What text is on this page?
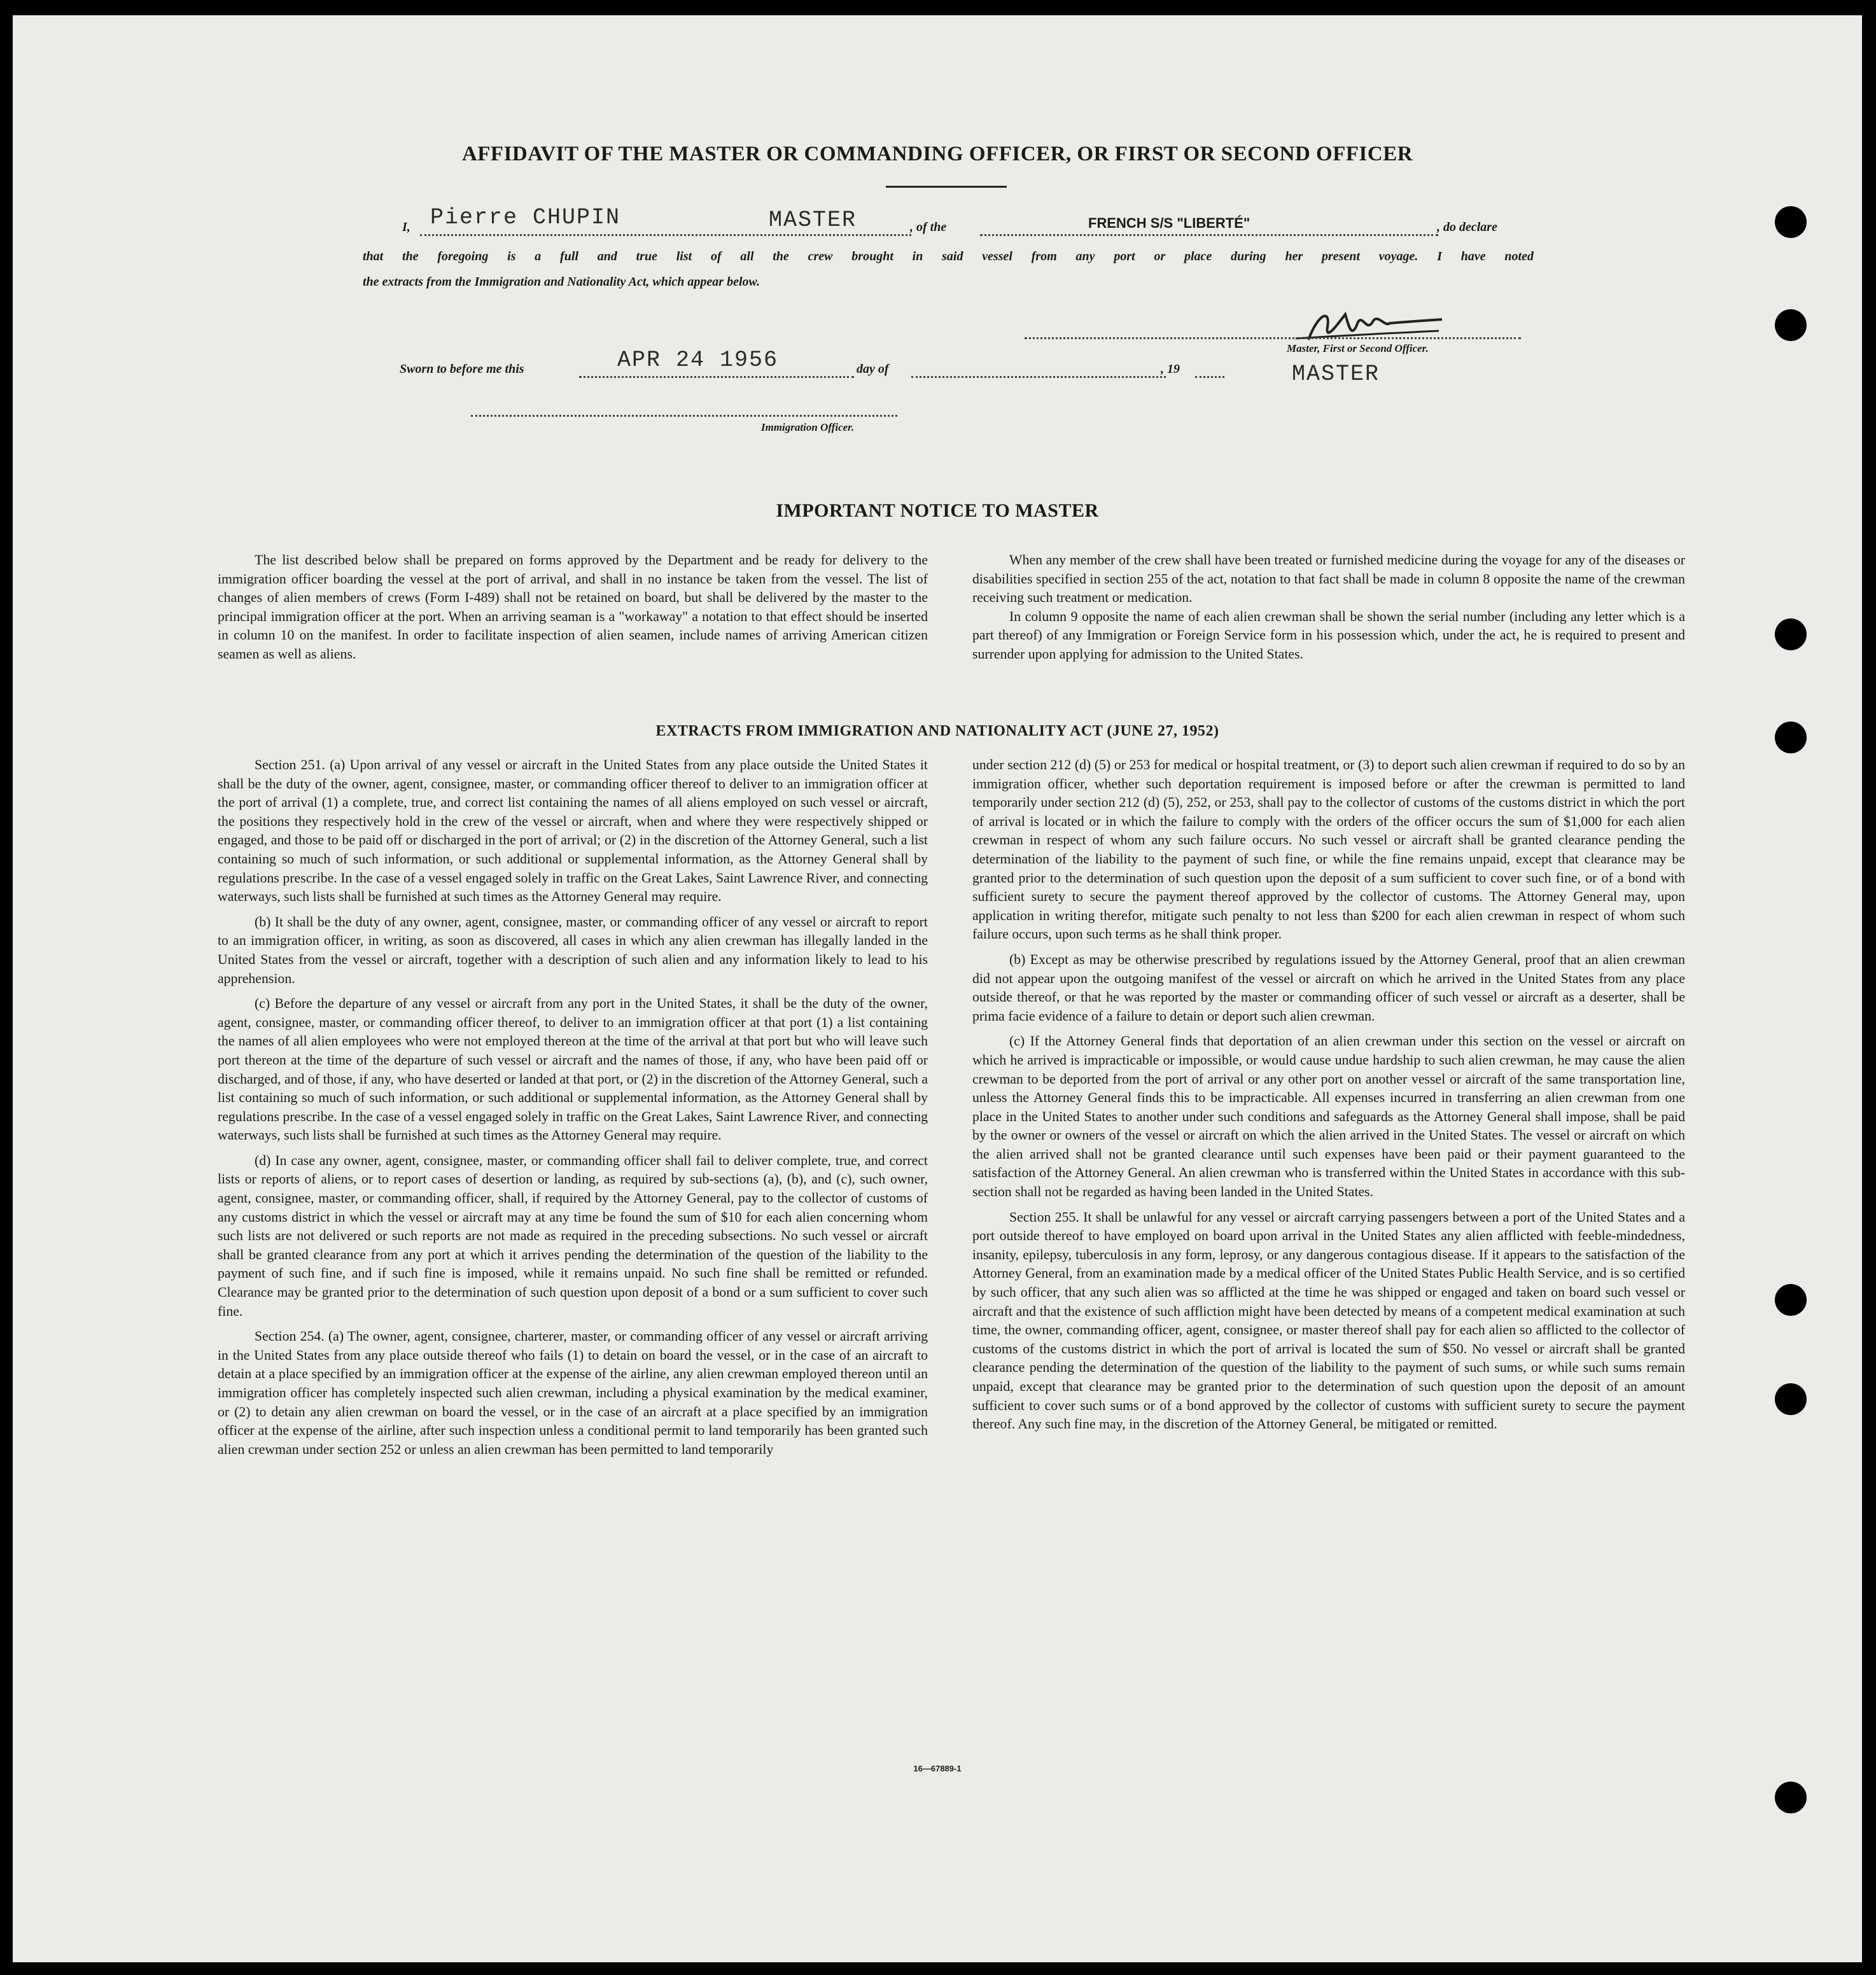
AFFIDAVIT OF THE MASTER OR COMMANDING OFFICER, OR FIRST OR SECOND OFFICER
I, Pierre CHUPIN	MASTER	, of the	FRENCH S/S "LIBERTÉ"	, do declare
that the foregoing is a full and true list of all the crew brought in said vessel from any port or place during her present voyage. I have noted
the extracts from the Immigration and Nationality Act, which appear below.
Master, First or Second Officer.
Sworn to before me this	APR 24 1956	day of	, 19	MASTER
Immigration Officer.
IMPORTANT NOTICE TO MASTER

The list described below shall be prepared on forms approved by the Department and be ready for delivery to the immigration officer boarding the vessel at the port of arrival, and shall in no instance be taken from the vessel. The list of changes of alien members of crews (Form I-489) shall not be retained on board, but shall be delivered by the master to the principal immigration officer at the port. When an arriving seaman is a "workaway" a notation to that effect should be inserted in column 10 on the manifest. In order to facilitate inspection of alien seamen, include names of arriving American citizen seamen as well as aliens.

When any member of the crew shall have been treated or furnished medicine during the voyage for any of the diseases or disabilities specified in section 255 of the act, notation to that fact shall be made in column 8 opposite the name of the crewman receiving such treatment or medication.

In column 9 opposite the name of each alien crewman shall be shown the serial number (including any letter which is a part thereof) of any Immigration or Foreign Service form in his possession which, under the act, he is required to present and surrender upon applying for admission to the United States.

EXTRACTS FROM IMMIGRATION AND NATIONALITY ACT (JUNE 27, 1952)

Section 251. (a) Upon arrival of any vessel or aircraft in the United States from any place outside the United States it shall be the duty of the owner, agent, consignee, master, or commanding officer thereof to deliver to an immigration officer at the port of arrival (1) a complete, true, and correct list containing the names of all aliens employed on such vessel or aircraft, the positions they respectively hold in the crew of the vessel or aircraft, when and where they were respectively shipped or engaged, and those to be paid off or discharged in the port of arrival; or (2) in the discretion of the Attorney General, such a list containing so much of such information, or such additional or supplemental information, as the Attorney General shall by regulations prescribe. In the case of a vessel engaged solely in traffic on the Great Lakes, Saint Lawrence River, and connecting waterways, such lists shall be furnished at such times as the Attorney General may require.

(b) It shall be the duty of any owner, agent, consignee, master, or commanding officer of any vessel or aircraft to report to an immigration officer, in writing, as soon as discovered, all cases in which any alien crewman has illegally landed in the United States from the vessel or aircraft, together with a description of such alien and any information likely to lead to his apprehension.

(c) Before the departure of any vessel or aircraft from any port in the United States, it shall be the duty of the owner, agent, consignee, master, or commanding officer thereof, to deliver to an immigration officer at that port (1) a list containing the names of all alien employees who were not employed thereon at the time of the arrival at that port but who will leave such port thereon at the time of the departure of such vessel or aircraft and the names of those, if any, who have been paid off or discharged, and of those, if any, who have deserted or landed at that port, or (2) in the discretion of the Attorney General, such a list containing so much of such information, or such additional or supplemental information, as the Attorney General shall by regulations prescribe. In the case of a vessel engaged solely in traffic on the Great Lakes, Saint Lawrence River, and connecting waterways, such lists shall be furnished at such times as the Attorney General may require.

(d) In case any owner, agent, consignee, master, or commanding officer shall fail to deliver complete, true, and correct lists or reports of aliens, or to report cases of desertion or landing, as required by sub-sections (a), (b), and (c), such owner, agent, consignee, master, or commanding officer, shall, if required by the Attorney General, pay to the collector of customs of any customs district in which the vessel or aircraft may at any time be found the sum of $10 for each alien concerning whom such lists are not delivered or such reports are not made as required in the preceding subsections. No such vessel or aircraft shall be granted clearance from any port at which it arrives pending the determination of the question of the liability to the payment of such fine, and if such fine is imposed, while it remains unpaid. No such fine shall be remitted or refunded. Clearance may be granted prior to the determination of such question upon deposit of a bond or a sum sufficient to cover such fine.

Section 254. (a) The owner, agent, consignee, charterer, master, or commanding officer of any vessel or aircraft arriving in the United States from any place outside thereof who fails (1) to detain on board the vessel, or in the case of an aircraft to detain at a place specified by an immigration officer at the expense of the airline, any alien crewman employed thereon until an immigration officer has completely inspected such alien crewman, including a physical examination by the medical examiner, or (2) to detain any alien crewman on board the vessel, or in the case of an aircraft at a place specified by an immigration officer at the expense of the airline, after such inspection unless a conditional permit to land temporarily has been granted such alien crewman under section 252 or unless an alien crewman has been permitted to land temporarily

under section 212 (d) (5) or 253 for medical or hospital treatment, or (3) to deport such alien crewman if required to do so by an immigration officer, whether such deportation requirement is imposed before or after the crewman is permitted to land temporarily under section 212 (d) (5), 252, or 253, shall pay to the collector of customs of the customs district in which the port of arrival is located or in which the failure to comply with the orders of the officer occurs the sum of $1,000 for each alien crewman in respect of whom any such failure occurs. No such vessel or aircraft shall be granted clearance pending the determination of the liability to the payment of such fine, or while the fine remains unpaid, except that clearance may be granted prior to the determination of such question upon the deposit of a sum sufficient to cover such fine, or of a bond with sufficient surety to secure the payment thereof approved by the collector of customs. The Attorney General may, upon application in writing therefor, mitigate such penalty to not less than $200 for each alien crewman in respect of whom such failure occurs, upon such terms as he shall think proper.

(b) Except as may be otherwise prescribed by regulations issued by the Attorney General, proof that an alien crewman did not appear upon the outgoing manifest of the vessel or aircraft on which he arrived in the United States from any place outside thereof, or that he was reported by the master or commanding officer of such vessel or aircraft as a deserter, shall be prima facie evidence of a failure to detain or deport such alien crewman.

(c) If the Attorney General finds that deportation of an alien crewman under this section on the vessel or aircraft on which he arrived is impracticable or impossible, or would cause undue hardship to such alien crewman, he may cause the alien crewman to be deported from the port of arrival or any other port on another vessel or aircraft of the same transportation line, unless the Attorney General finds this to be impracticable. All expenses incurred in transferring an alien crewman from one place in the United States to another under such conditions and safeguards as the Attorney General shall impose, shall be paid by the owner or owners of the vessel or aircraft on which the alien arrived in the United States. The vessel or aircraft on which the alien arrived shall not be granted clearance until such expenses have been paid or their payment guaranteed to the satisfaction of the Attorney General. An alien crewman who is transferred within the United States in accordance with this sub-section shall not be regarded as having been landed in the United States.

Section 255. It shall be unlawful for any vessel or aircraft carrying passengers between a port of the United States and a port outside thereof to have employed on board upon arrival in the United States any alien afflicted with feeble-mindedness, insanity, epilepsy, tuberculosis in any form, leprosy, or any dangerous contagious disease. If it appears to the satisfaction of the Attorney General, from an examination made by a medical officer of the United States Public Health Service, and is so certified by such officer, that any such alien was so afflicted at the time he was shipped or engaged and taken on board such vessel or aircraft and that the existence of such affliction might have been detected by means of a competent medical examination at such time, the owner, commanding officer, agent, consignee, or master thereof shall pay for each alien so afflicted to the collector of customs of the customs district in which the port of arrival is located the sum of $50. No vessel or aircraft shall be granted clearance pending the determination of the question of the liability to the payment of such sums, or while such sums remain unpaid, except that clearance may be granted prior to the determination of such question upon the deposit of an amount sufficient to cover such sums or of a bond approved by the collector of customs with sufficient surety to secure the payment thereof. Any such fine may, in the discretion of the Attorney General, be mitigated or remitted.

16—67889-1
